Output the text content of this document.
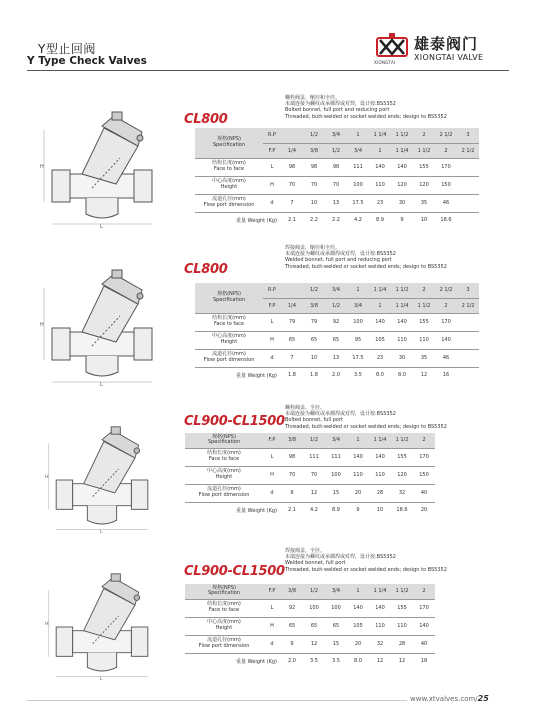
Y型止回阀
Y Type Check Valves	XIONGTAI
雄泰阀门
XIONGTAI VALVE
H
L
CL800
螺栓阀盖，缩径和全径。
末端连接为螺纹或承插焊或对焊，设计按:BS5352
Bolted bonnet, full port and reducing port
Threaded, butt-welded or socket welded ends; design to BS5352
规格(NPS)
Specification	R.P		1/2	3/4	1	1 1/4	1 1/2	2	2 1/2	3
	F.P	1/4	3/8	1/2	3/4	1	1 1/4	1 1/2	2	2 1/2

结构长度(mm)
Face to face	L	98	98	98	111	140	140	155	170	

中心高度(mm)
Height	H	70	70	70	100	110	120	120	150	

流道孔径(mm)
Flow port dimension	d	7	10	13	17.5	23	30	35	46	
重量 Weight (Kg)		2.1	2.2	2.2	4.2	8.9	9	10	18.6	
H
L
CL800
焊接阀盖，缩径和全径。
末端连接为螺纹或承插焊或对焊，设计按:BS5352
Welded bonnet, full port and reducing port
Threaded, butt-welded or socket welded ends; design to BS5352
规格(NPS)
Specification	R.P		1/2	3/4	1	1 1/4	1 1/2	2	2 1/2	3
	F.P	1/4	3/8	1/2	3/4	1	1 1/4	1 1/2	2	2 1/2

结构长度(mm)
Face to face	L	79	79	92	100	140	140	155	170	

中心高度(mm)
Height	H	65	65	65	95	105	110	110	140	

流道孔径(mm)
Flow port dimension	d	7	10	13	17.5	23	30	35	46	
重量 Weight (Kg)		1.8	1.8	2.0	3.5	8.0	8.0	12	16	
H
L
CL900-CL1500
螺栓阀盖，全径。
末端连接为螺纹或承插焊或对焊，设计按:BS5352
Bolted bonnet, full port
Threaded, butt-welded or socket welded ends; design to BS5352
规格(NPS)
Specification	F.P	3/8	1/2	3/4	1	1 1/4	1 1/2	2

结构长度(mm)
Face to face	L	98	111	111	140	140	155	170

中心高度(mm)
Height	H	70	70	100	110	110	120	150

流道孔径(mm)
Flow port dimension	d	9	12	15	20	28	32	40
重量 Weight (Kg)		2.1	4.2	8.9	9	10	18.6	20
H
L
CL900-CL1500
焊接阀盖，全径。
末端连接为螺纹或承插焊或对焊，设计按:BS5352
Welded bonnet, full port
Threaded, butt-welded or socket welded ends; design to BS5352
规格(NPS)
Specification	F.P	3/8	1/2	3/4	1	1 1/4	1 1/2	2

结构长度(mm)
Face to face	L	92	100	100	140	140	155	170

中心高度(mm)
Height	H	65	65	65	105	110	110	140

流道孔径(mm)
Flow port dimension	d	9	12	15	20	32	28	40
重量 Weight (Kg)		2.0	3.5	3.5	8.0	12	12	18
www.xtvalves.com/25
